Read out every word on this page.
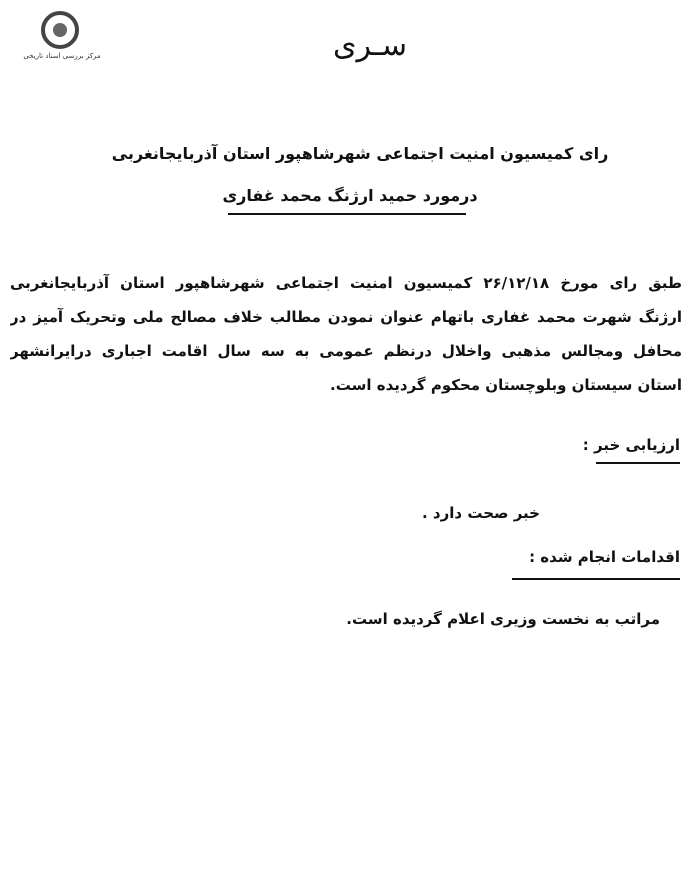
مرکز بررسی اسناد تاریخی	سـرى
رای کمیسیون امنیت اجتماعی شهرشاهپور استان آذربایجانغربی
درمورد حمید ارژنگ محمد غفاری
طبق رای مورخ ۲۶/۱۲/۱۸ کمیسیون امنیت اجتماعی شهرشاهپور استان آذربایجانغربی
ارژنگ شهرت محمد غفاری باتهام عنوان نمودن مطالب خلاف مصالح ملی وتحریک آمیز در
محافل ومجالس مذهبی واخلال درنظم عمومی به سه سال اقامت اجباری درایرانشهر
استان سیستان وبلوچستان محکوم گردیده است.
ارزیابی خبر :
خبر صحت دارد .
اقدامات انجام شده :
مراتب به نخست وزیری اعلام گردیده است.
